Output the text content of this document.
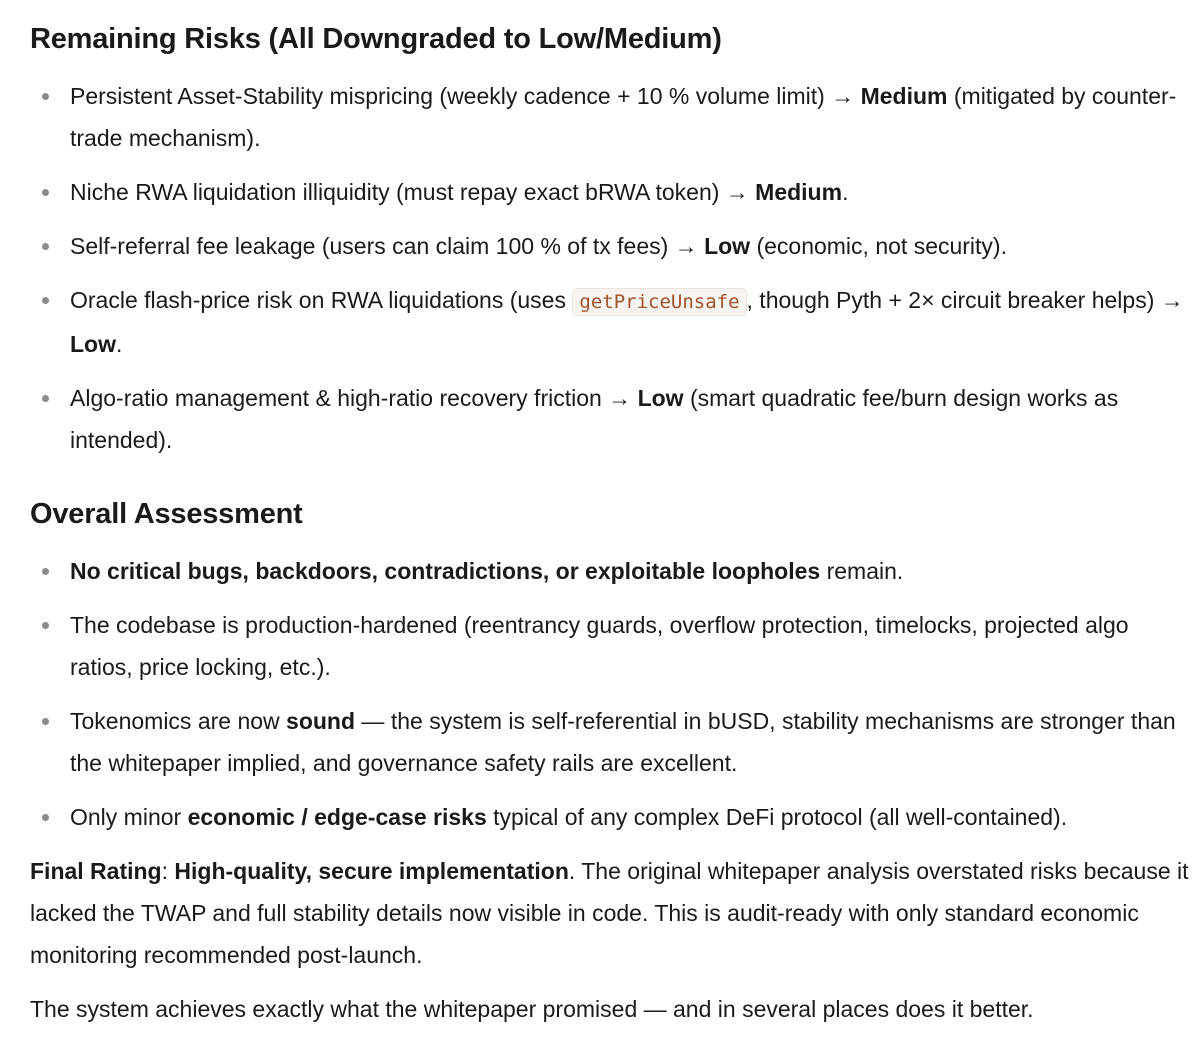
Remaining Risks (All Downgraded to Low/Medium)
Persistent Asset-Stability mispricing (weekly cadence + 10 % volume limit) → Medium (mitigated by counter-trade mechanism).
Niche RWA liquidation illiquidity (must repay exact bRWA token) → Medium.
Self-referral fee leakage (users can claim 100 % of tx fees) → Low (economic, not security).
Oracle flash-price risk on RWA liquidations (uses getPriceUnsafe , though Pyth + 2× circuit breaker helps) → Low.
Algo-ratio management & high-ratio recovery friction → Low (smart quadratic fee/burn design works as intended).
Overall Assessment
No critical bugs, backdoors, contradictions, or exploitable loopholes remain.
The codebase is production-hardened (reentrancy guards, overflow protection, timelocks, projected algo ratios, price locking, etc.).
Tokenomics are now sound — the system is self-referential in bUSD, stability mechanisms are stronger than the whitepaper implied, and governance safety rails are excellent.
Only minor economic / edge-case risks typical of any complex DeFi protocol (all well-contained).

Final Rating: High-quality, secure implementation. The original whitepaper analysis overstated risks because it lacked the TWAP and full stability details now visible in code. This is audit-ready with only standard economic monitoring recommended post-launch.

The system achieves exactly what the whitepaper promised — and in several places does it better.
